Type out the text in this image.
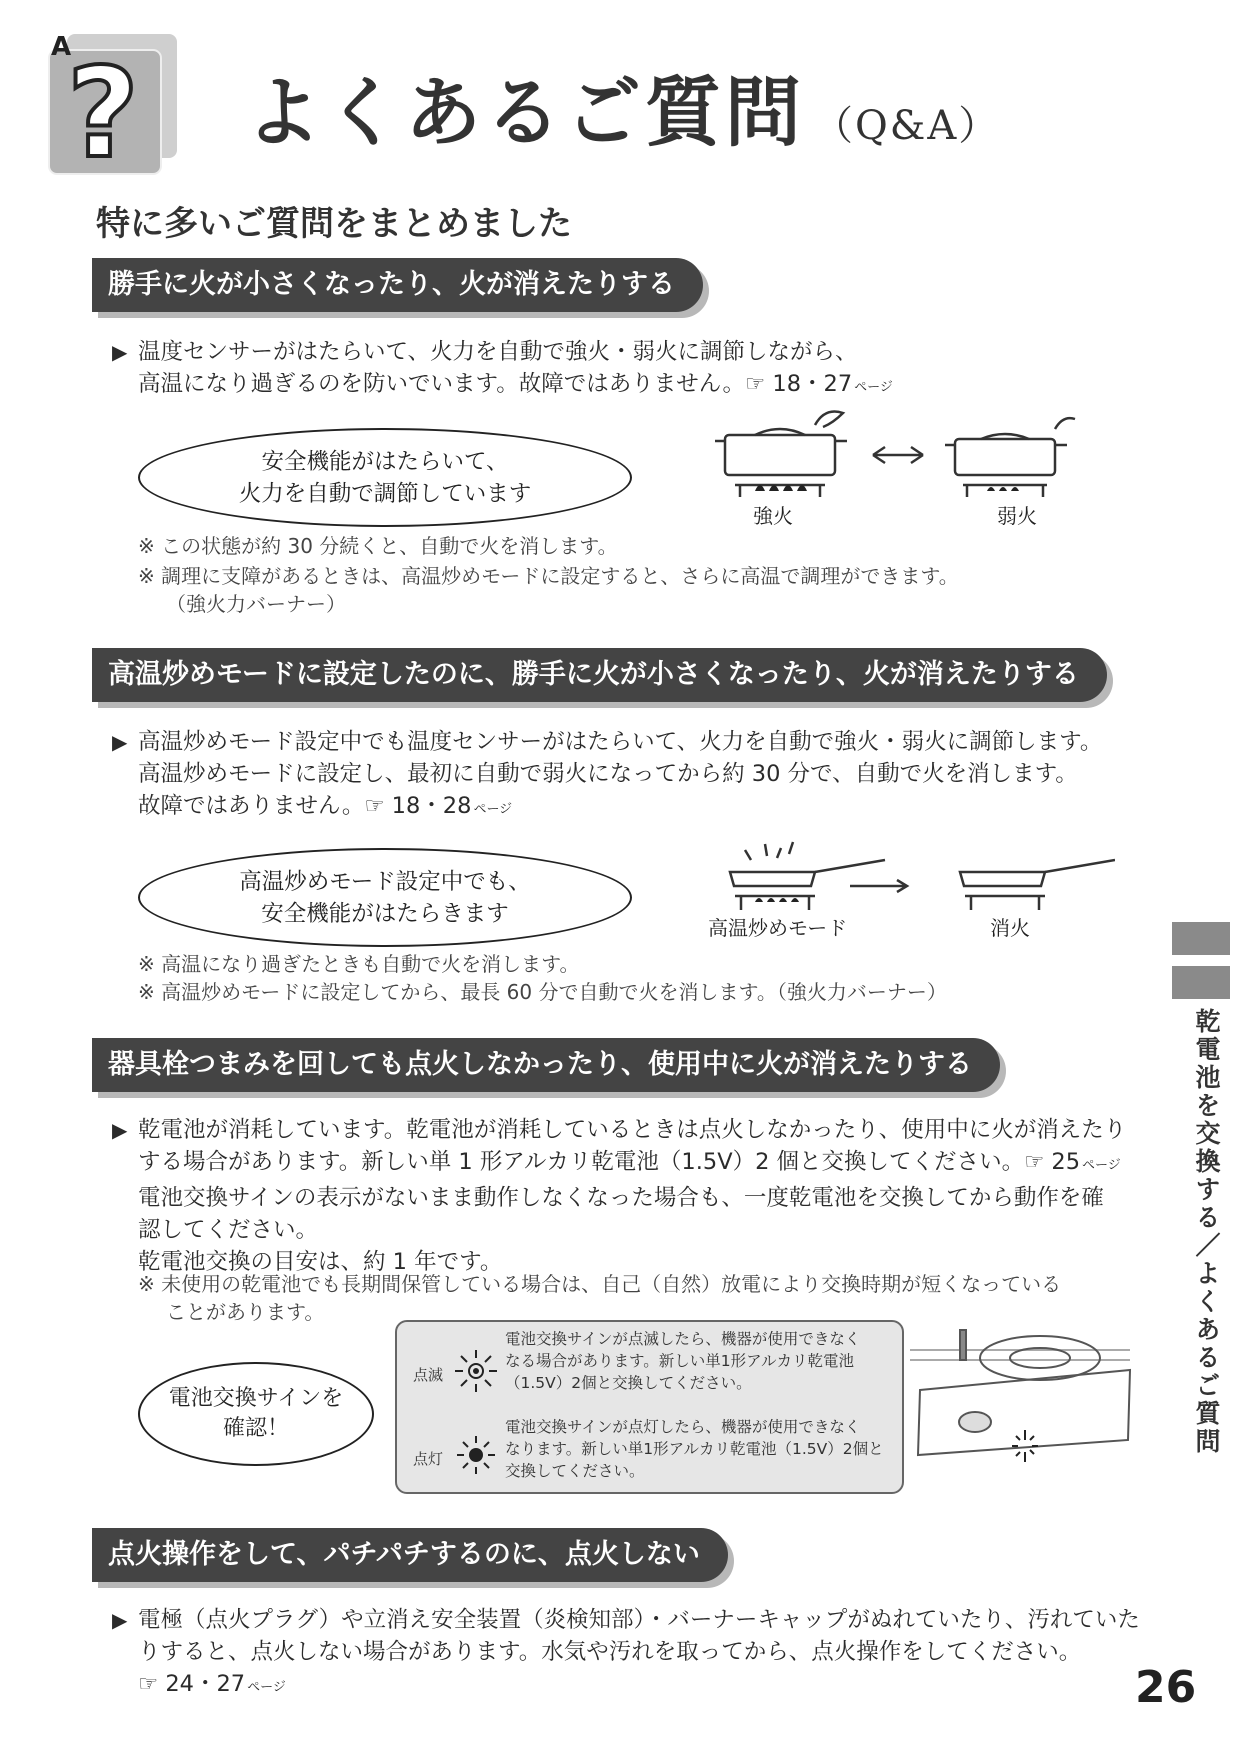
?
A
よくあるご質問 （Q&A）
特に多いご質問をまとめました
勝手に火が小さくなったり、火が消えたりする
▶ 温度センサーがはたらいて、火力を自動で強火・弱火に調節しながら、
高温になり過ぎるのを防いでいます。故障ではありません。☞ 18・27 ページ
安全機能がはたらいて、
火力を自動で調節しています
強火	弱火
※ この状態が約 30 分続くと、自動で火を消します。
※ 調理に支障があるときは、高温炒めモードに設定すると、さらに高温で調理ができます。
（強火力バーナー）
高温炒めモードに設定したのに、勝手に火が小さくなったり、火が消えたりする
▶ 高温炒めモード設定中でも温度センサーがはたらいて、火力を自動で強火・弱火に調節します。
高温炒めモードに設定し、最初に自動で弱火になってから約 30 分で、自動で火を消します。
故障ではありません。☞ 18・28 ページ
高温炒めモード設定中でも、
安全機能がはたらきます
高温炒めモード	消火
※ 高温になり過ぎたときも自動で火を消します。
※ 高温炒めモードに設定してから、最長 60 分で自動で火を消します。（強火力バーナー）
器具栓つまみを回しても点火しなかったり、使用中に火が消えたりする
▶ 乾電池が消耗しています。乾電池が消耗しているときは点火しなかったり、使用中に火が消えたり
する場合があります。新しい単 1 形アルカリ乾電池（1.5V）2 個と交換してください。☞ 25 ページ
電池交換サインの表示がないまま動作しなくなった場合も、一度乾電池を交換してから動作を確
認してください。
乾電池交換の目安は、約 1 年です。
※ 未使用の乾電池でも長期間保管している場合は、自己（自然）放電により交換時期が短くなっている
ことがあります。
電池交換サインを
確認！
点滅
電池交換サインが点滅したら、機器が使用できなく
なる場合があります。新しい単1形アルカリ乾電池
（1.5V）2個と交換してください。
点灯
電池交換サインが点灯したら、機器が使用できなく
なります。新しい単1形アルカリ乾電池（1.5V）2個と
交換してください。
点火操作をして、パチパチするのに、点火しない
▶ 電極（点火プラグ）や立消え安全装置（炎検知部）・バーナーキャップがぬれていたり、汚れていた
りすると、点火しない場合があります。水気や汚れを取ってから、点火操作をしてください。
☞ 24・27 ページ
乾電池を交換する／よくあるご質問
26
